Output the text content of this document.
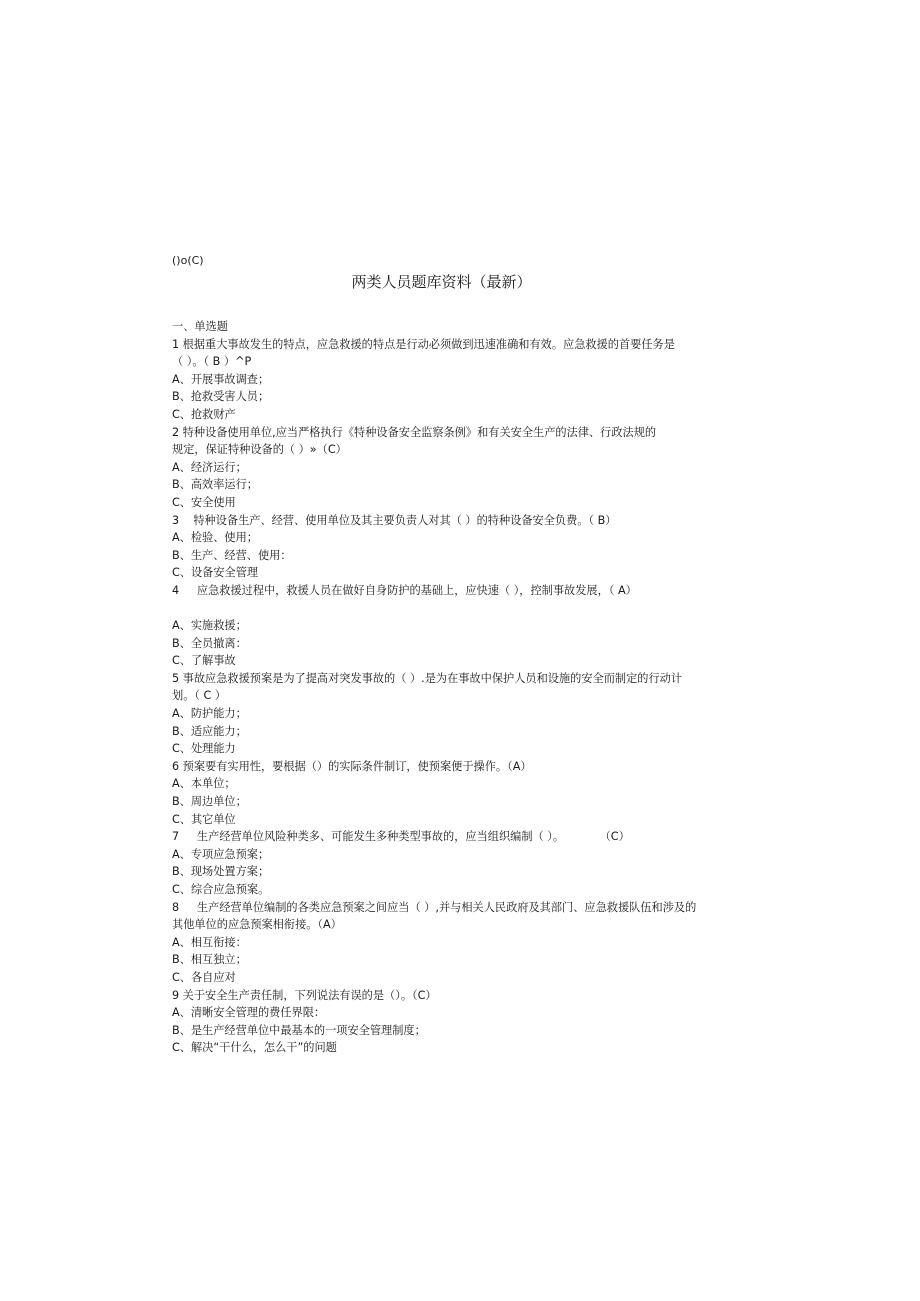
()o(C)
两类人员题库资料（最新）
一、单选题
1 根据重大事故发生的特点，应急救援的特点是行动必须做到迅速准确和有效。应急救援的首要任务是
（ ）。（ B ）^P
A、开展事故调查；
B、抢救受害人员；
C、抢救财产
2 特种设备使用单位,应当严格执行《特种设备安全监察条例》和有关安全生产的法律、行政法规的
规定，保证特种设备的（ ）»（C）
A、经济运行；
B、高效率运行；
C、安全使用
3    特种设备生产、经营、使用单位及其主要负责人对其（ ）的特种设备安全负费。（ B）
A、检验、使用；
B、生产、经营、使用：
C、设备安全管理
4     应急救援过程中，救援人员在做好自身防护的基础上，应快速（ ），控制事故发展，（ A）
A、实施救援；
B、全员撤离：
C、了解事故
5 事故应急救援预案是为了提高对突发事故的（ ）.是为在事故中保护人员和设施的安全而制定的行动计
划。（ C ）
A、防护能力；
B、适应能力；
C、处理能力
6 预案要有实用性，要根据（）的实际条件制订，使预案便于操作。（A）
A、本单位；
B、周边单位；
C、其它单位
7     生产经营单位风险种类多、可能发生多种类型事故的，应当组织编制（ ）。          （C）
A、专项应急预案；
B、现场处置方案；
C、综合应急预案。
8     生产经营单位编制的各类应急预案之间应当（ ）,并与相关人民政府及其部门、应急救援队伍和涉及的
其他单位的应急预案相衔接。（A）
A、相互衔接：
B、相互独立；
C、各自应对
9 关于安全生产责任制，下列说法有误的是（）。（C）
A、清晰安全管理的费任界限：
B、是生产经营单位中最基本的一项安全管理制度；
C、解决“干什么，怎么干”的问题
